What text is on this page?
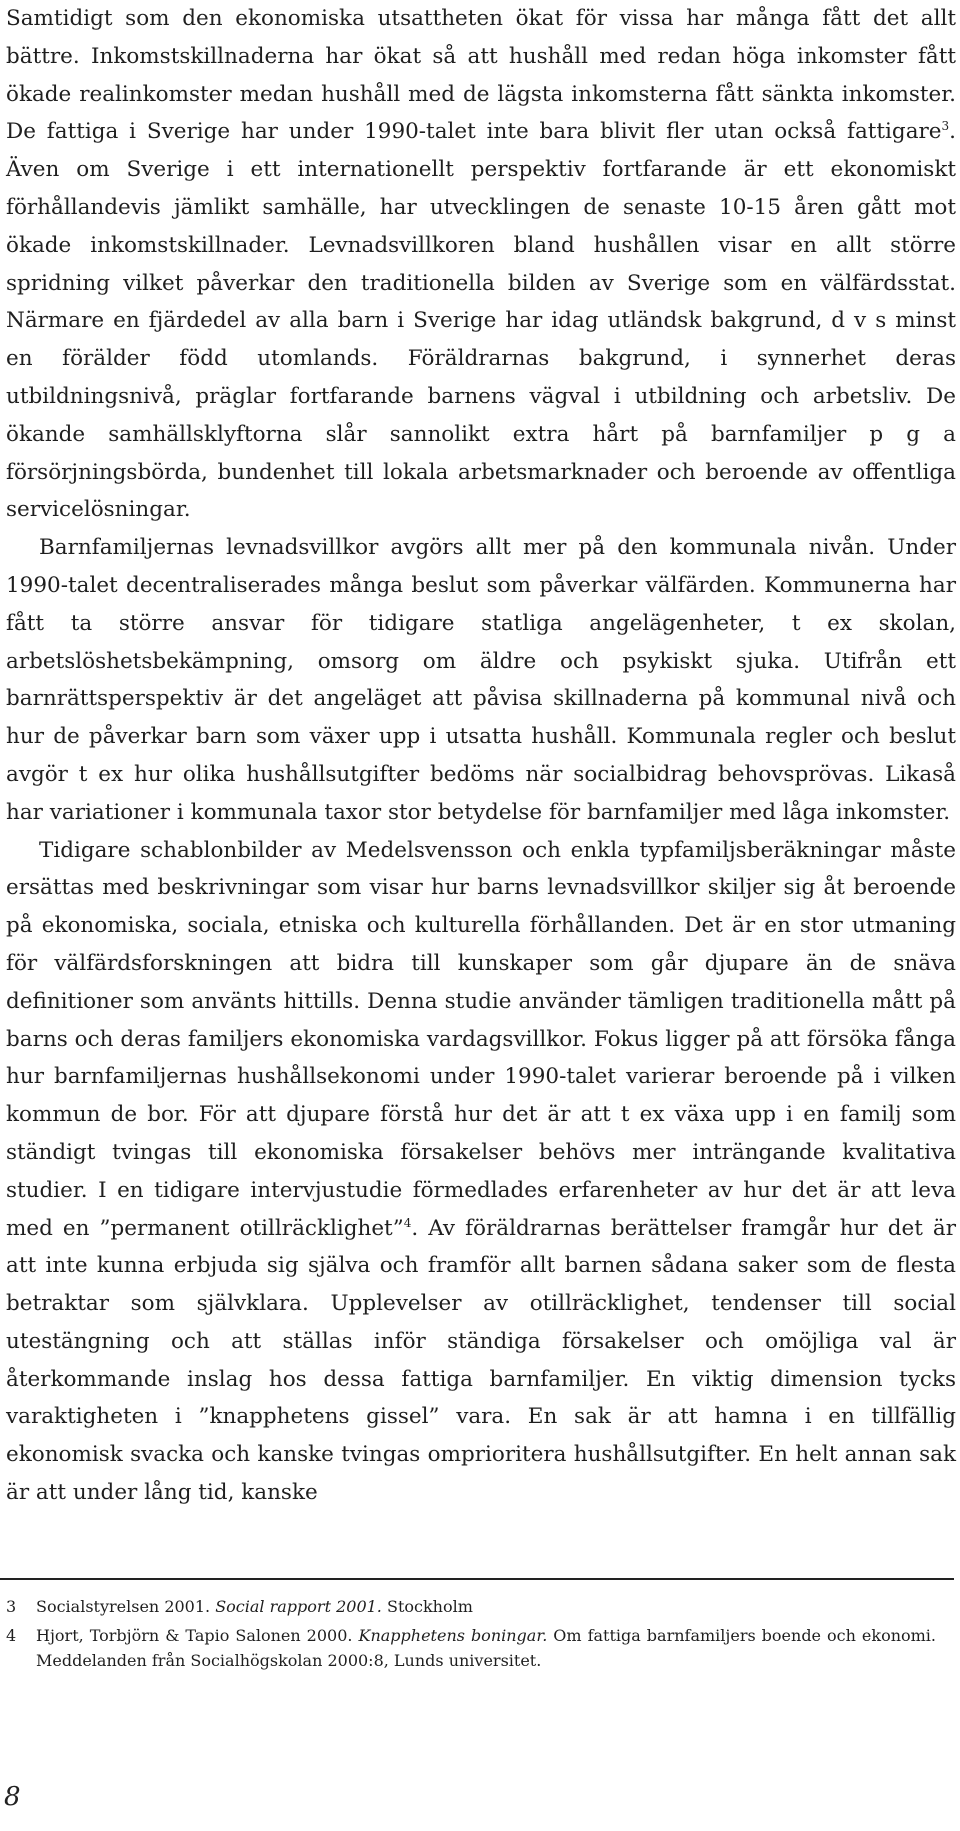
Samtidigt som den ekonomiska utsattheten ökat för vissa har många fått det allt bättre. Inkomstskillnaderna har ökat så att hushåll med redan höga inkomster fått ökade realinkomster medan hushåll med de lägsta inkomsterna fått sänkta inkomster. De fattiga i Sverige har under 1990-talet inte bara blivit fler utan också fattigare$^3$. Även om Sverige i ett internationellt perspektiv fortfarande är ett ekonomiskt förhållandevis jämlikt samhälle, har utvecklingen de senaste 10-15 åren gått mot ökade inkomstskillnader. Levnadsvillkoren bland hushållen visar en allt större spridning vilket påverkar den traditionella bilden av Sverige som en välfärdsstat. Närmare en fjärdedel av alla barn i Sverige har idag utländsk bakgrund, d v s minst en förälder född utomlands. Föräldrarnas bakgrund, i synnerhet deras utbildningsnivå, präglar fortfarande barnens vägval i utbildning och arbetsliv. De ökande samhällsklyftorna slår sannolikt extra hårt på barnfamiljer p g a försörjningsbörda, bundenhet till lokala arbetsmarknader och beroende av offentliga servicelösningar.

Barnfamiljernas levnadsvillkor avgörs allt mer på den kommunala nivån. Under 1990-talet decentraliserades många beslut som påverkar välfärden. Kommunerna har fått ta större ansvar för tidigare statliga angelägenheter, t ex skolan, arbetslöshetsbekämpning, omsorg om äldre och psykiskt sjuka. Utifrån ett barnrättsperspektiv är det angeläget att påvisa skillnaderna på kommunal nivå och hur de påverkar barn som växer upp i utsatta hushåll. Kommunala regler och beslut avgör t ex hur olika hushållsutgifter bedöms när socialbidrag behovsprövas. Likaså har variationer i kommunala taxor stor betydelse för barnfamiljer med låga inkomster.

Tidigare schablonbilder av Medelsvensson och enkla typfamiljsberäkningar måste ersättas med beskrivningar som visar hur barns levnadsvillkor skiljer sig åt beroende på ekonomiska, sociala, etniska och kulturella förhållanden. Det är en stor utmaning för välfärdsforskningen att bidra till kunskaper som går djupare än de snäva definitioner som använts hittills. Denna studie använder tämligen traditionella mått på barns och deras familjers ekonomiska vardagsvillkor. Fokus ligger på att försöka fånga hur barnfamiljernas hushållsekonomi under 1990-talet varierar beroende på i vilken kommun de bor. För att djupare förstå hur det är att t ex växa upp i en familj som ständigt tvingas till ekonomiska försakelser behövs mer inträngande kvalitativa studier. I en tidigare intervjustudie förmedlades erfarenheter av hur det är att leva med en ”permanent otillräcklighet”$^4$. Av föräldrarnas berättelser framgår hur det är att inte kunna erbjuda sig själva och framför allt barnen sådana saker som de flesta betraktar som självklara. Upplevelser av otillräcklighet, tendenser till social utestängning och att ställas inför ständiga försakelser och omöjliga val är återkommande inslag hos dessa fattiga barnfamiljer. En viktig dimension tycks varaktigheten i ”knapphetens gissel” vara. En sak är att hamna i en tillfällig ekonomisk svacka och kanske tvingas omprioritera hushållsutgifter. En helt annan sak är att under lång tid, kanske

3	Socialstyrelsen 2001. Social rapport 2001. Stockholm
4	Hjort, Torbjörn & Tapio Salonen 2000. Knapphetens boningar. Om fattiga barnfamiljers boende och ekonomi. Meddelanden från Socialhögskolan 2000:8, Lunds universitet.
8
